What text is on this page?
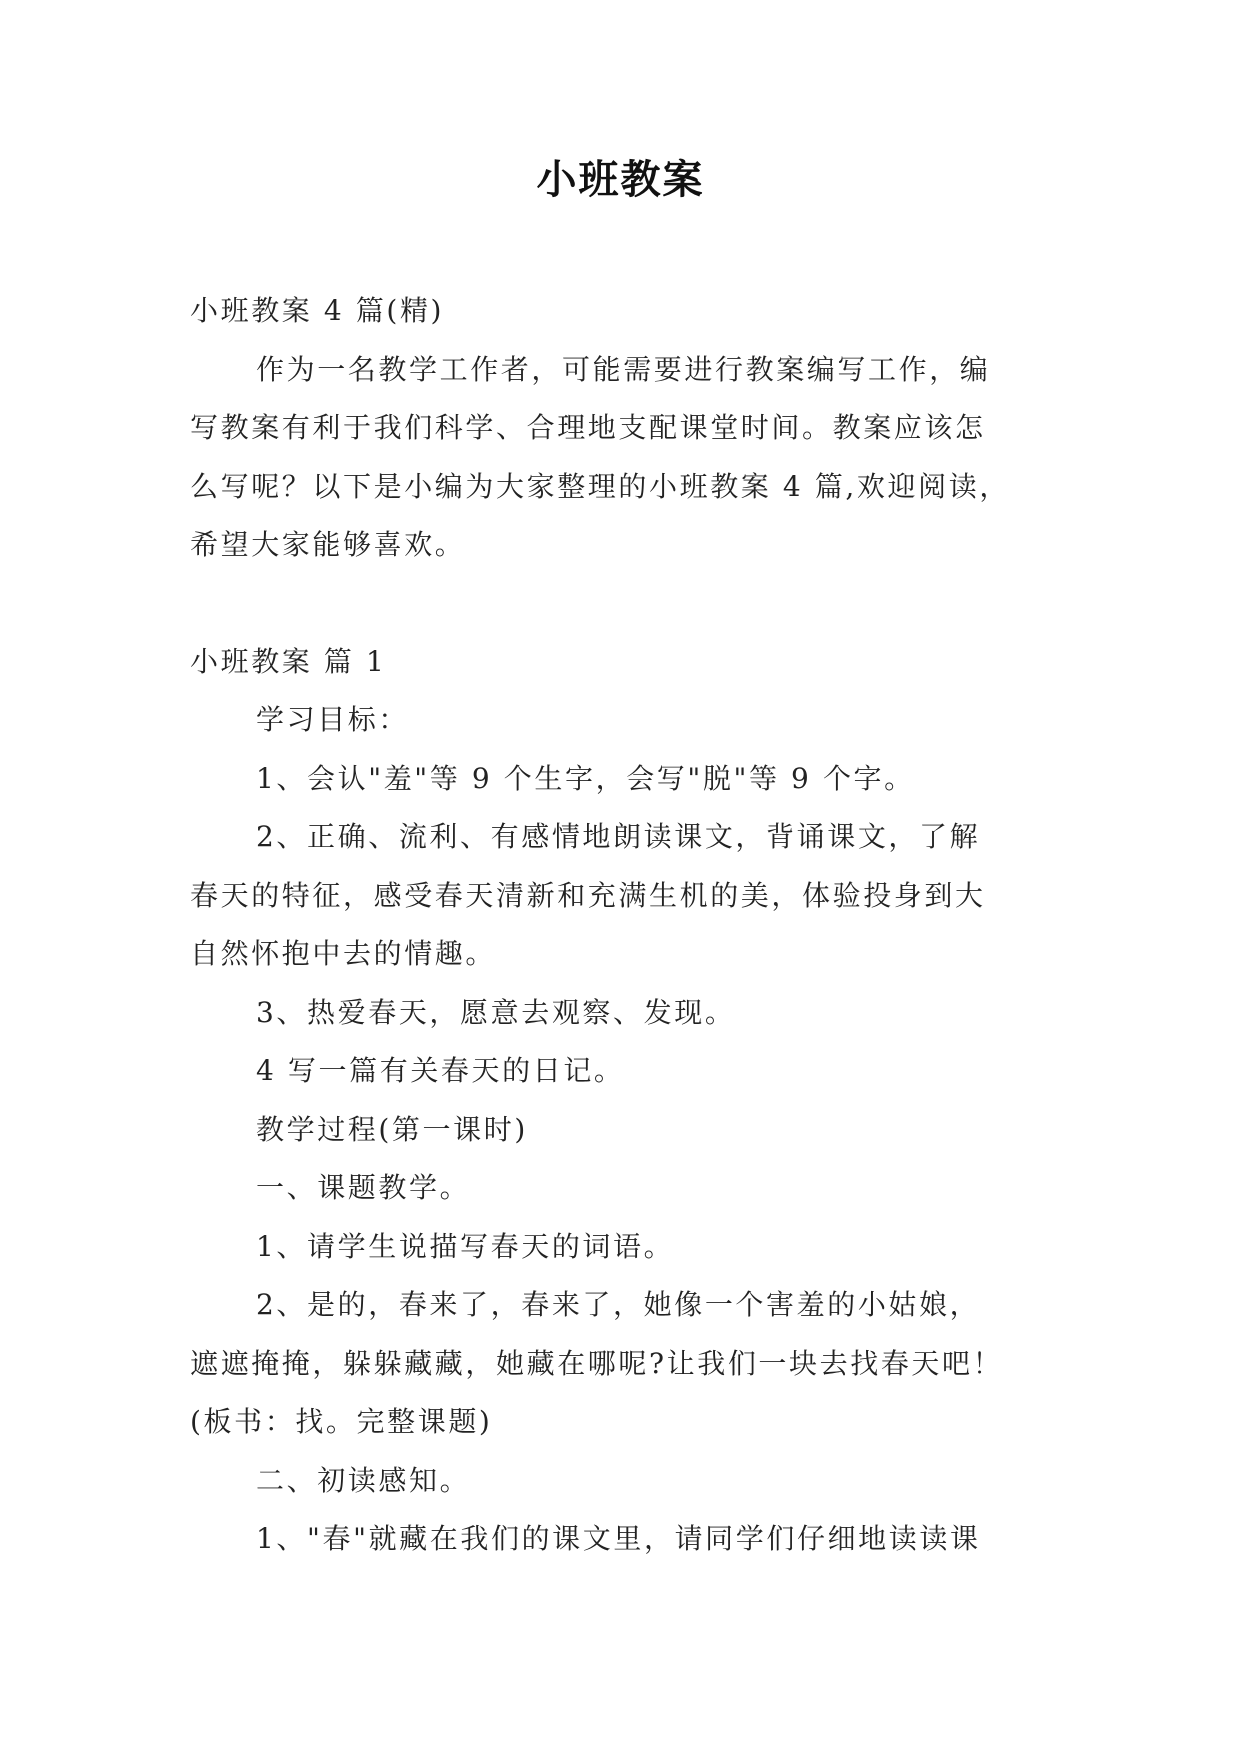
小班教案

小班教案 4 篇(精)

作为一名教学工作者，可能需要进行教案编写工作，编

写教案有利于我们科学、合理地支配课堂时间。教案应该怎

么写呢？以下是小编为大家整理的小班教案 4 篇,欢迎阅读，

希望大家能够喜欢。

小班教案 篇 1

学习目标：

1、会认"羞"等 9 个生字，会写"脱"等 9 个字。

2、正确、流利、有感情地朗读课文，背诵课文，了解

春天的特征，感受春天清新和充满生机的美，体验投身到大

自然怀抱中去的情趣。

3、热爱春天，愿意去观察、发现。

4 写一篇有关春天的日记。

教学过程(第一课时)

一、课题教学。

1、请学生说描写春天的词语。

2、是的，春来了，春来了，她像一个害羞的小姑娘，

遮遮掩掩，躲躲藏藏，她藏在哪呢?让我们一块去找春天吧！

(板书：找。完整课题)

二、初读感知。

1、"春"就藏在我们的课文里，请同学们仔细地读读课
